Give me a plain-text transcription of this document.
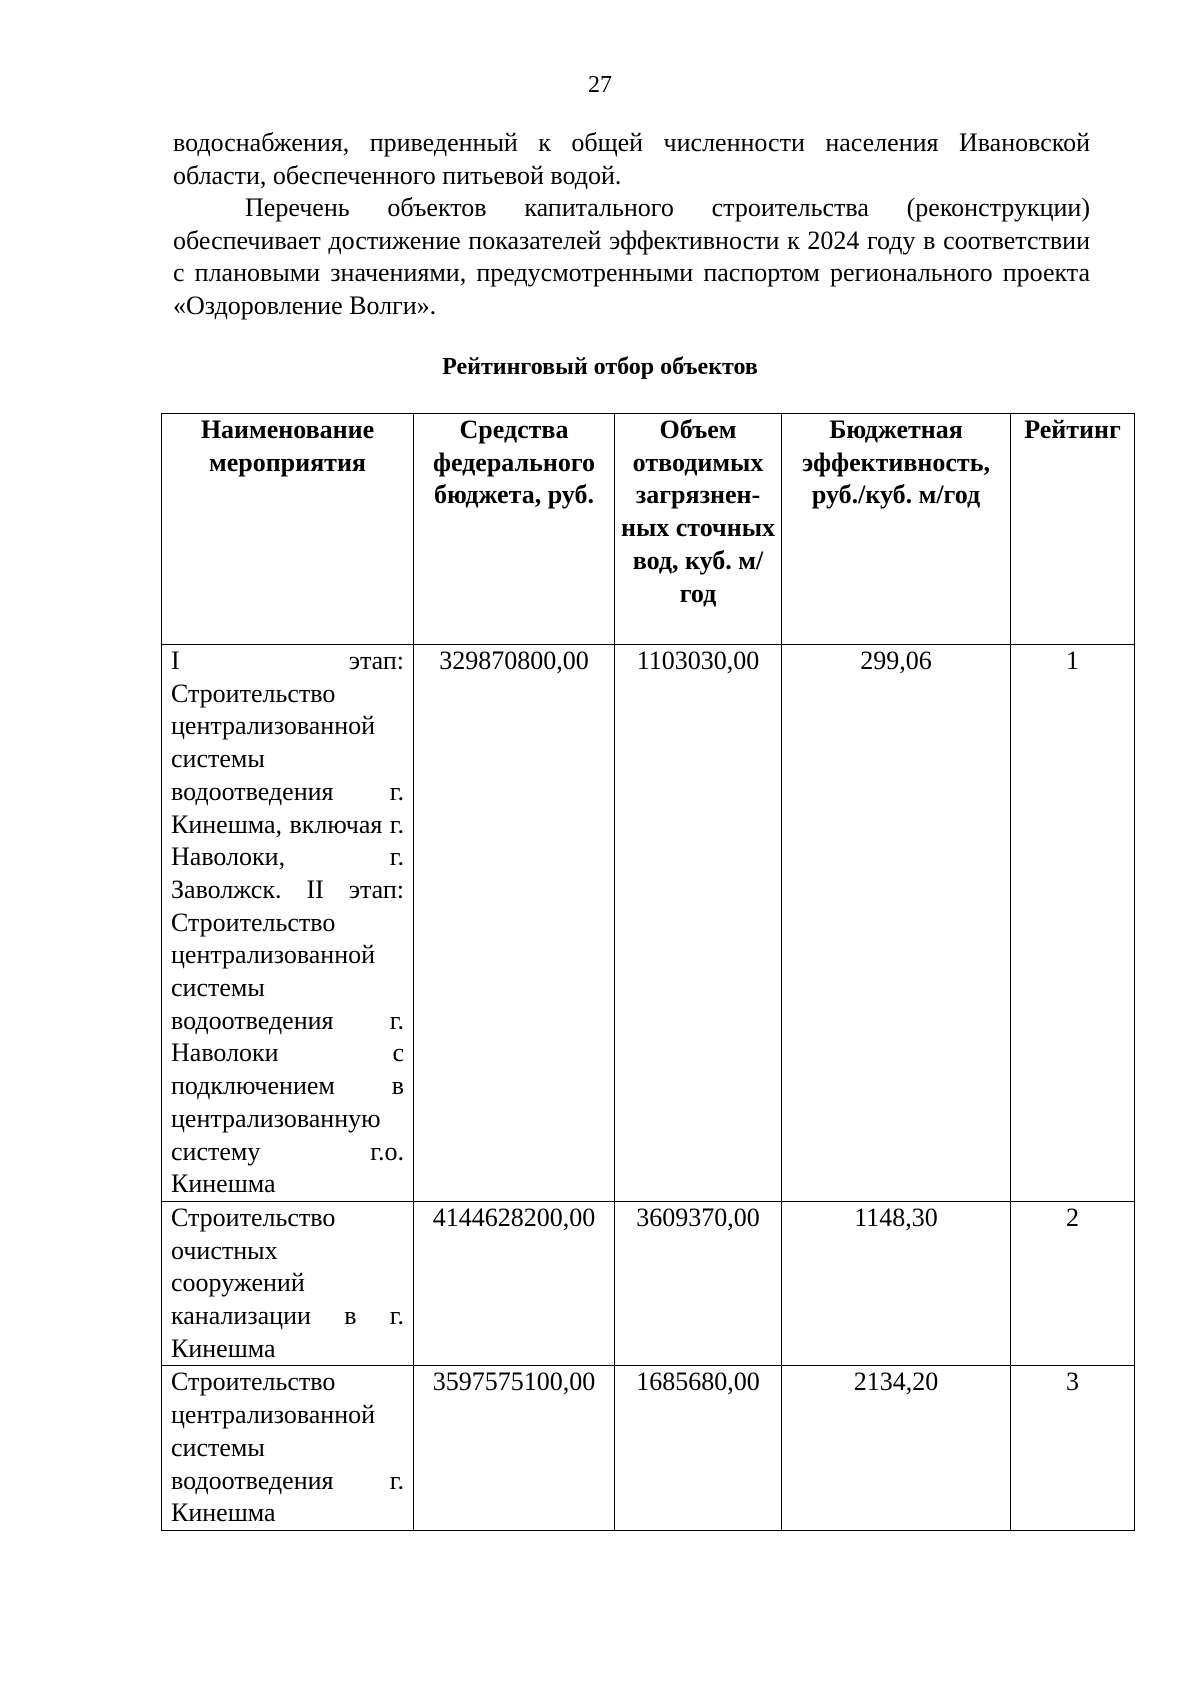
27

водоснабжения, приведенный к общей численности населения Ивановской области, обеспеченного питьевой водой.

Перечень объектов капитального строительства (реконструкции) обеспечивает достижение показателей эффективности к 2024 году в соответствии с плановыми значениями, предусмотренными паспортом регионального проекта «Оздоровление Волги».

Рейтинговый отбор объектов
Наименование мероприятия	Средства федерального бюджета, руб.	Объем отводимых загрязнен-ных сточных вод, куб. м/год	Бюджетная эффективность, руб./куб. м/год	Рейтинг
I этап: Строительство централизованной системы водоотведения г. Кинешма, включая г. Наволоки, г. Заволжск. II этап: Строительство централизованной системы водоотведения г. Наволоки с подключением в централизованную систему г.о. Кинешма	329870800,00	1103030,00	299,06	1
Строительство очистных сооружений канализации в г. Кинешма	4144628200,00	3609370,00	1148,30	2
Строительство централизованной системы водоотведения г. Кинешма	3597575100,00	1685680,00	2134,20	3
